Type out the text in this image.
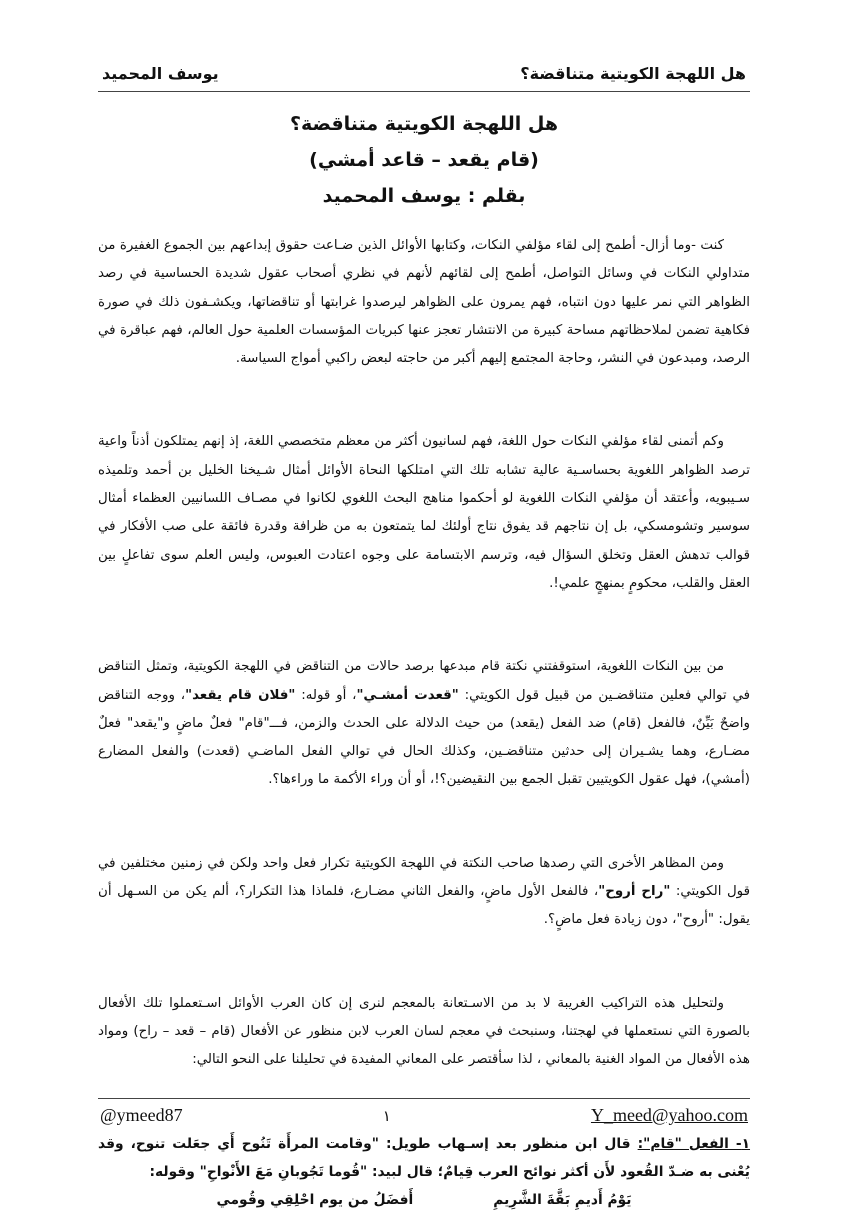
هل اللهجة الكويتية متناقضة؟
يوسف المحميد
هل اللهجة الكويتية متناقضة؟
(قام يقعد – قاعد أمشي)
بقلم : يوسف المحميد

كنت -وما أزال- أطمح إلى لقاء مؤلفي النكات، وكتابها الأوائل الذين ضـاعت حقوق إبداعهم بين الجموع الغفيرة من متداولي النكات في وسائل التواصل، أطمح إلى لقائهم لأنهم في نظري أصحاب عقول شديدة الحساسية في رصد الظواهر التي نمر عليها دون انتباه، فهم يمرون على الظواهر ليرصدوا غرابتها أو تناقضاتها، ويكشـفون ذلك في صورة فكاهية تضمن لملاحظاتهم مساحة كبيرة من الانتشار تعجز عنها كبريات المؤسسات العلمية حول العالم، فهم عباقرة في الرصد، ومبدعون في النشر، وحاجة المجتمع إليهم أكبر من حاجته لبعض راكبي أمواج السياسة.

وكم أتمنى لقاء مؤلفي النكات حول اللغة، فهم لسانيون أكثر من معظم متخصصي اللغة، إذ إنهم يمتلكون أذناً واعية ترصد الظواهر اللغوية بحساسـية عالية تشابه تلك التي امتلكها النحاة الأوائل أمثال شـيخنا الخليل بن أحمد وتلميذه سـيبويه، وأعتقد أن مؤلفي النكات اللغوية لو أحكموا مناهج البحث اللغوي لكانوا في مصـاف اللسانيين العظماء أمثال سوسير وتشومسكي، بل إن نتاجهم قد يفوق نتاج أولئك لما يتمتعون به من ظرافة وقدرة فائقة على صب الأفكار في قوالب تدهش العقل وتخلق السؤال فيه، وترسم الابتسامة على وجوه اعتادت العبوس، وليس العلم سوى تفاعلٍ بين العقل والقلب، محكومٍ بمنهجٍ علمي!.

من بين النكات اللغوية، استوقفتني نكتة قام مبدعها برصد حالات من التناقض في اللهجة الكويتية، وتمثل التناقض في توالي فعلين متناقضـين من قبيل قول الكويتي: "قعدت أمشـي"، أو قوله: "فلان قام يقعد"، ووجه التناقض واضحٌ بَيِّنٌ، فالفعل (قام) ضد الفعل (يقعد) من حيث الدلالة على الحدث والزمن، فـــ"قام" فعلٌ ماضٍ و"يقعد" فعلٌ مضـارع، وهما يشـيران إلى حدثين متناقضـين، وكذلك الحال في توالي الفعل الماضـي (قعدت) والفعل المضارع (أمشي)، فهل عقول الكويتيين تقبل الجمع بين النقيضين؟!، أو أن وراء الأكمة ما وراءها؟.

ومن المظاهر الأخرى التي رصدها صاحب النكتة في اللهجة الكويتية تكرار فعل واحد ولكن في زمنين مختلفين في قول الكويتي: "راح أروح"، فالفعل الأول ماضٍ، والفعل الثاني مضـارع، فلماذا هذا التكرار؟، ألم يكن من السـهل أن يقول: "أروح"، دون زيادة فعل ماضٍ؟.

ولتحليل هذه التراكيب الغريبة لا بد من الاسـتعانة بالمعجم لنرى إن كان العرب الأوائل اسـتعملوا تلك الأفعال بالصورة التي نستعملها في لهجتنا، وسنبحث في معجم لسان العرب لابن منظور عن الأفعال (قام – قعد – راح) ومواد هذه الأفعال من المواد الغنية بالمعاني ، لذا سأقتصر على المعاني المفيدة في تحليلنا على النحو التالي:

١- الفعل "قام": قال ابن منظور بعد إسـهاب طويل: "وقامت المرأَة تَنُوح أَي جعَلت تنوح، وقد يُعْنى به ضـدّ القُعود لأَن أكثر نوائح العرب قِيامٌ؛ قال لبيد: "قُوما تَجُوبانِ مَعَ الأَنْواحِ" وقوله:

يَوْمُ أَديمِ بَقَّةَ الشَّرِيمِ
أَفضَلُ من يوم احْلِقِي وقُومي
Y_meed@yahoo.com
١
@ymeed87
